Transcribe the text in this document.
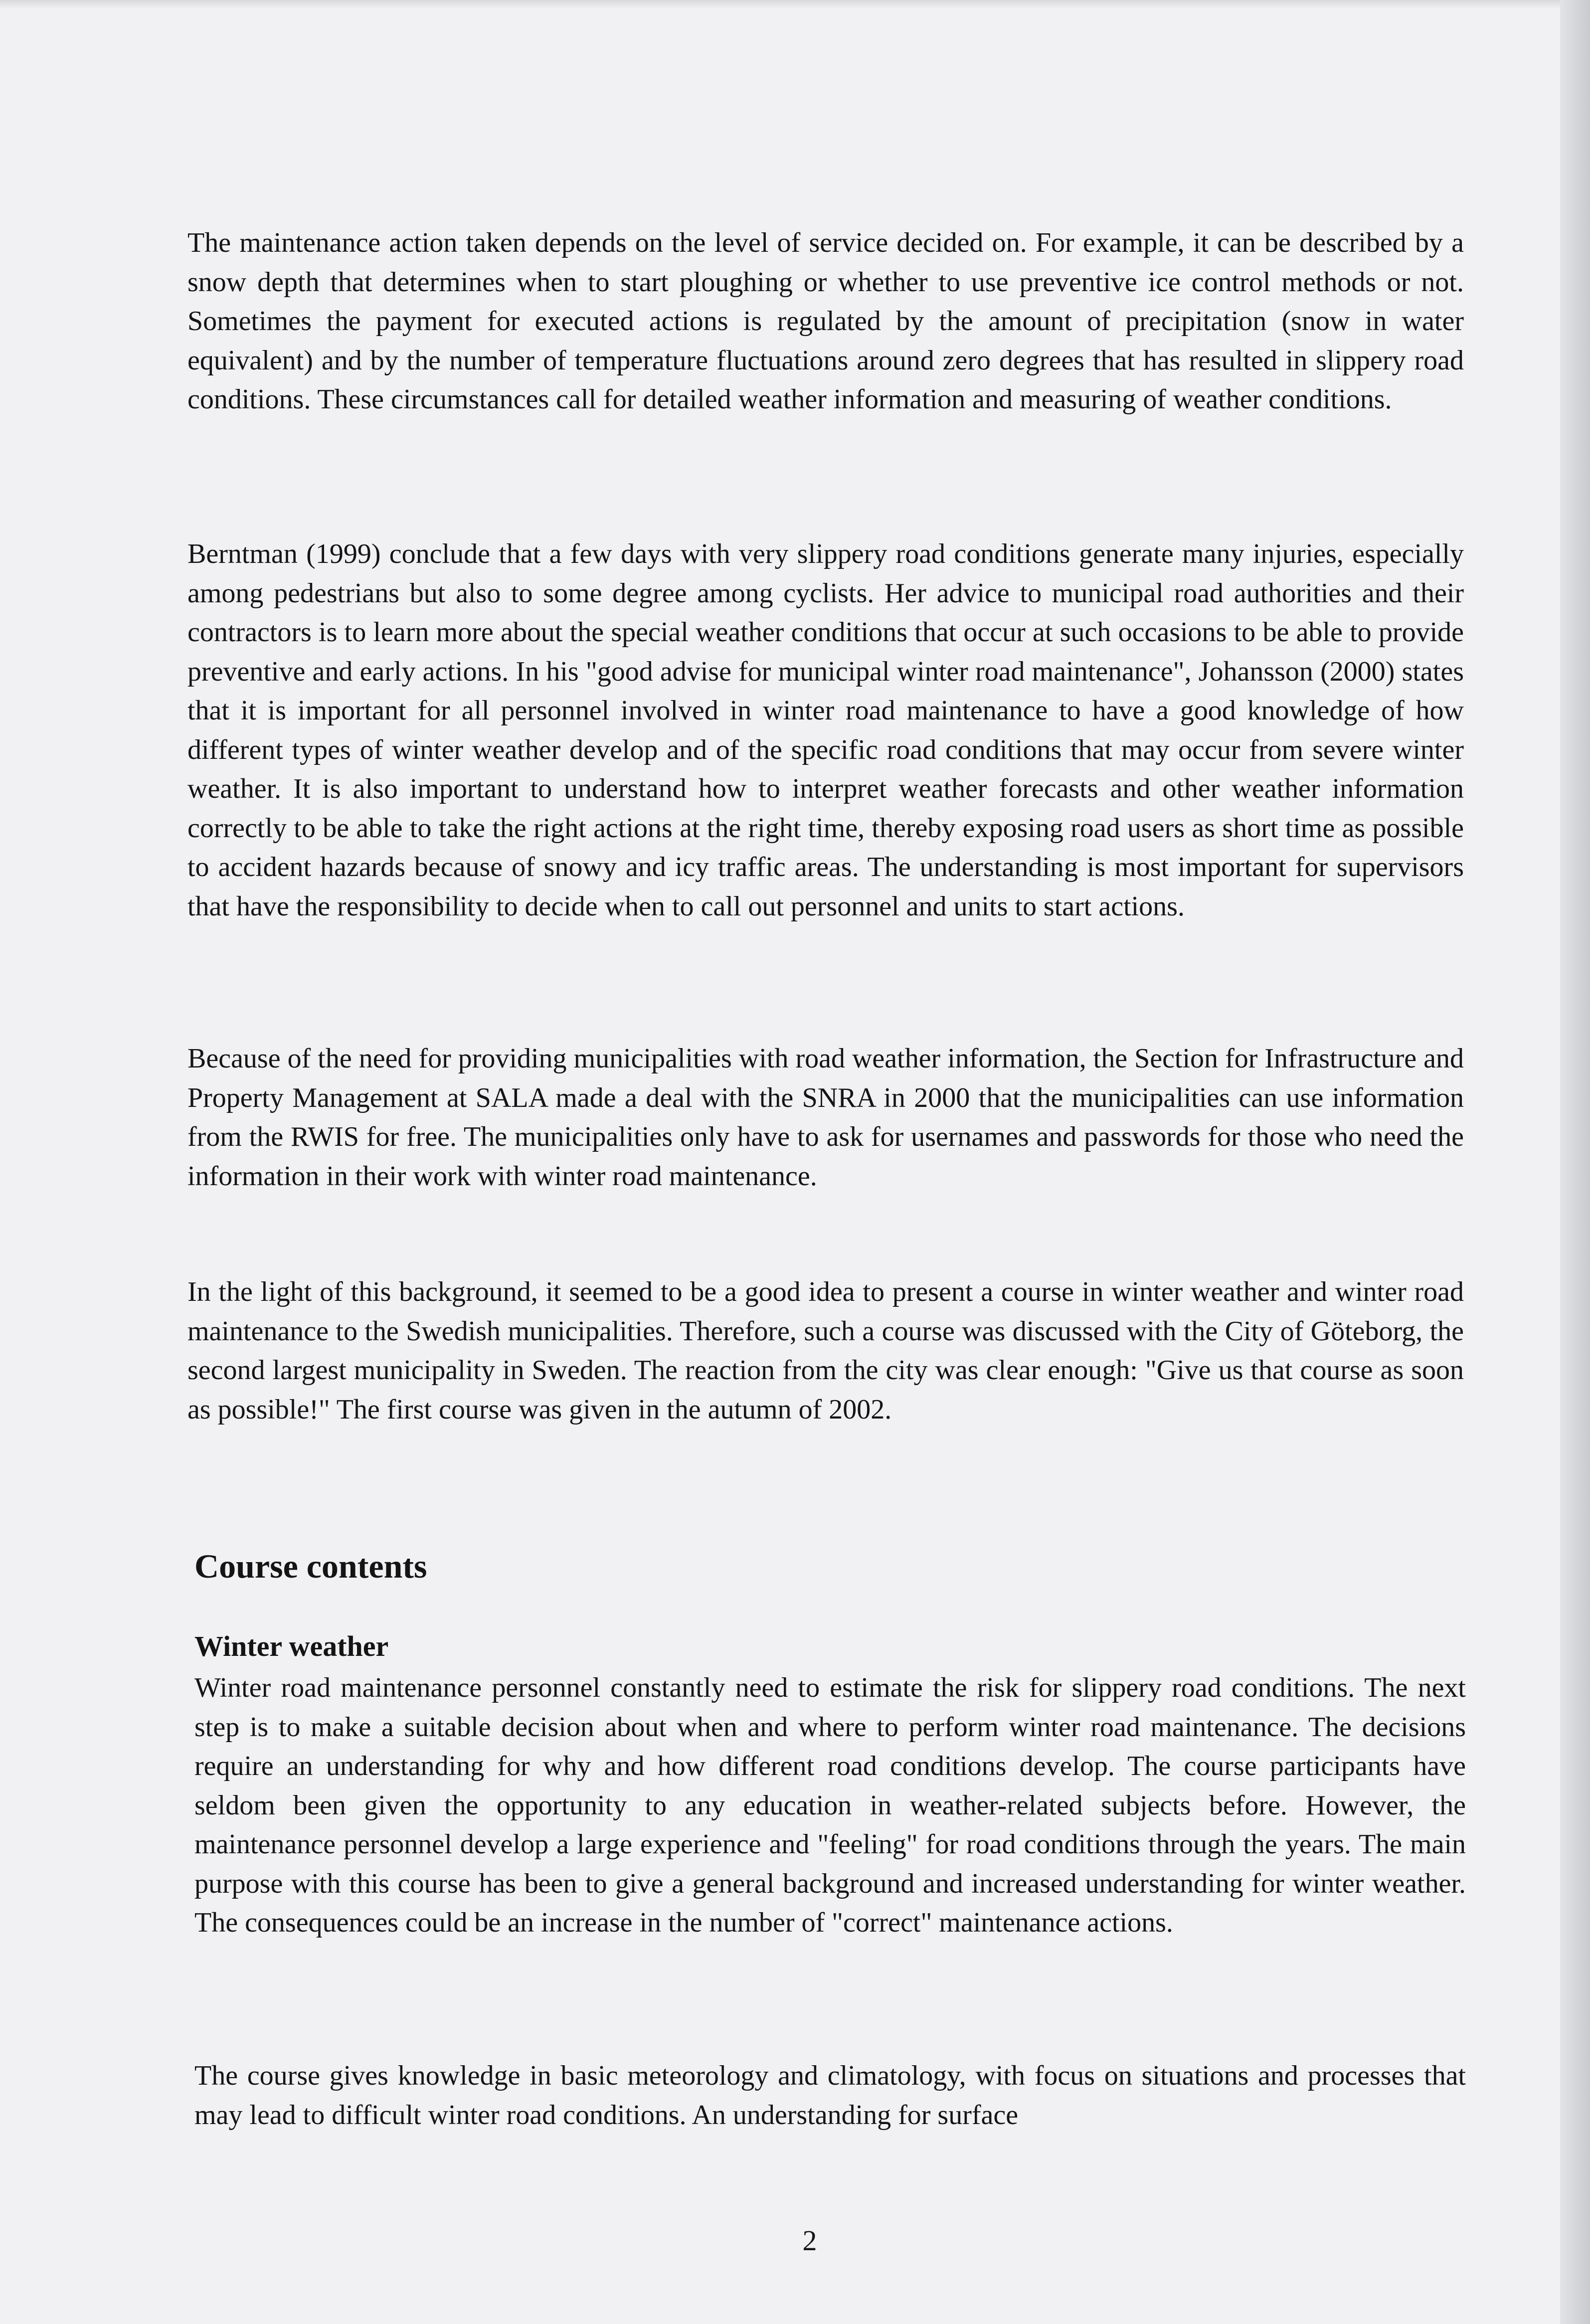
The maintenance action taken depends on the level of service decided on. For example, it can be described by a snow depth that determines when to start ploughing or whether to use preventive ice control methods or not. Sometimes the payment for executed actions is regulated by the amount of precipitation (snow in water equivalent) and by the number of temperature fluctuations around zero degrees that has resulted in slippery road conditions. These circumstances call for detailed weather information and measuring of weather conditions.

Berntman (1999) conclude that a few days with very slippery road conditions generate many injuries, especially among pedestrians but also to some degree among cyclists. Her advice to municipal road authorities and their contractors is to learn more about the special weather conditions that occur at such occasions to be able to provide preventive and early actions. In his "good advise for municipal winter road maintenance", Johansson (2000) states that it is important for all personnel involved in winter road maintenance to have a good knowledge of how different types of winter weather develop and of the specific road conditions that may occur from severe winter weather. It is also important to understand how to interpret weather forecasts and other weather information correctly to be able to take the right actions at the right time, thereby exposing road users as short time as possible to accident hazards because of snowy and icy traffic areas. The understanding is most important for supervisors that have the responsibility to decide when to call out personnel and units to start actions.

Because of the need for providing municipalities with road weather information, the Section for Infrastructure and Property Management at SALA made a deal with the SNRA in 2000 that the municipalities can use information from the RWIS for free. The municipalities only have to ask for usernames and passwords for those who need the information in their work with winter road maintenance.

In the light of this background, it seemed to be a good idea to present a course in winter weather and winter road maintenance to the Swedish municipalities. Therefore, such a course was discussed with the City of Göteborg, the second largest municipality in Sweden. The reaction from the city was clear enough: "Give us that course as soon as possible!" The first course was given in the autumn of 2002.

Course contents
Winter weather

Winter road maintenance personnel constantly need to estimate the risk for slippery road conditions. The next step is to make a suitable decision about when and where to perform winter road maintenance. The decisions require an understanding for why and how different road conditions develop. The course participants have seldom been given the opportunity to any education in weather-related subjects before. However, the maintenance personnel develop a large experience and "feeling" for road conditions through the years. The main purpose with this course has been to give a general background and increased understanding for winter weather. The consequences could be an increase in the number of "correct" maintenance actions.

The course gives knowledge in basic meteorology and climatology, with focus on situations and processes that may lead to difficult winter road conditions. An understanding for surface

2
